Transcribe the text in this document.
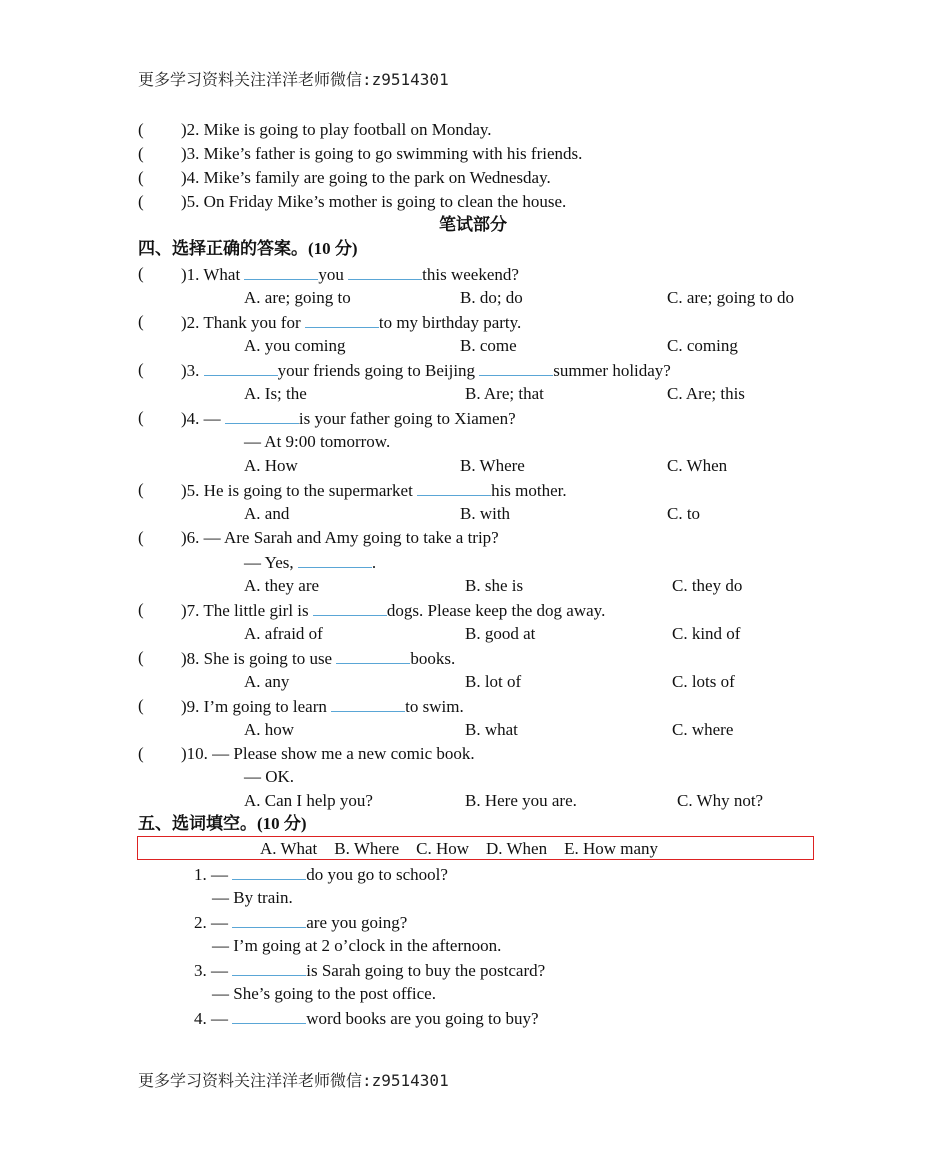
更多学习资料关注洋洋老师微信:z9514301
( )2. Mike is going to play football on Monday.
( )3. Mike’s father is going to go swimming with his friends.
( )4. Mike’s family are going to the park on Wednesday.
( )5. On Friday Mike’s mother is going to clean the house.
笔试部分
四、选择正确的答案。(10 分)
( )1. What	you	this weekend?
A. are; going to	B. do; do	C. are; going to do
( )2. Thank you for	to my birthday party.
A. you coming	B. come	C. coming
( )3.	your friends going to Beijing	summer holiday?
A. Is; the	B. Are; that	C. Are; this
( )4. —	is your father going to Xiamen?
— At 9:00 tomorrow.
A. How	B. Where	C. When
( )5. He is going to the supermarket	his mother.
A. and	B. with	C. to
( )6. — Are Sarah and Amy going to take a trip?
— Yes,	.
A. they are	B. she is	C. they do
( )7. The little girl is	dogs. Please keep the dog away.
A. afraid of	B. good at	C. kind of
( )8. She is going to use	books.
A. any	B. lot of	C. lots of
( )9. I’m going to learn	to swim.
A. how	B. what	C. where
( )10. — Please show me a new comic book.
— OK.
A. Can I help you?	B. Here you are.	C. Why not?
五、选词填空。(10 分)
A. What    B. Where    C. How    D. When    E. How many
1. —	do you go to school?
— By train.
2. —	are you going?
— I’m going at 2 o’clock in the afternoon.
3. —	is Sarah going to buy the postcard?
— She’s going to the post office.
4. —	word books are you going to buy?
更多学习资料关注洋洋老师微信:z9514301
